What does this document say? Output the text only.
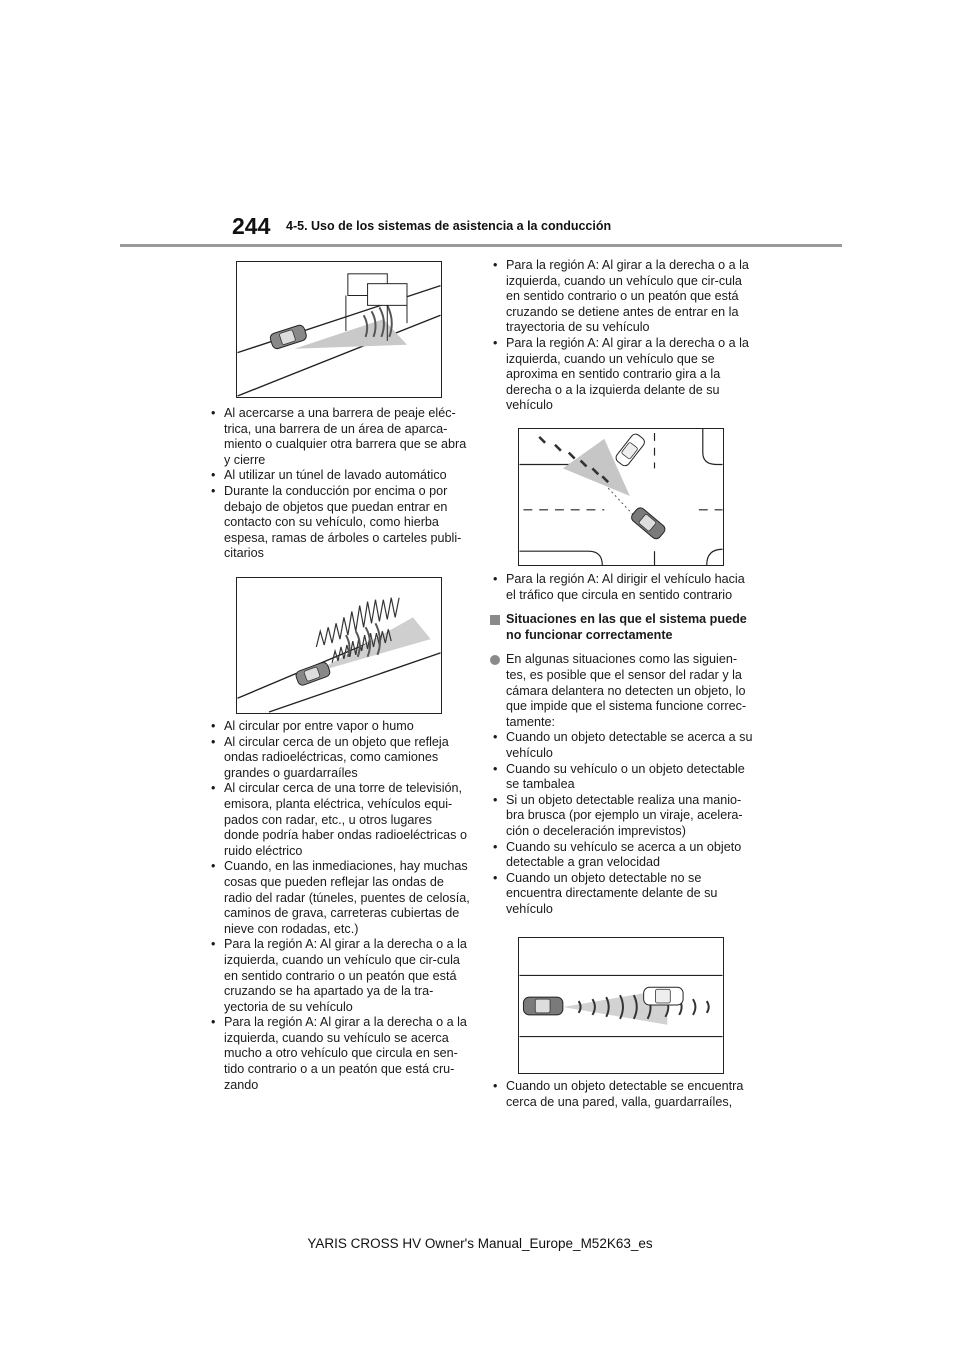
244 4-5. Uso de los sistemas de asistencia a la conducción
• Al acercarse a una barrera de peaje eléc-trica, una barrera de un área de aparca-miento o cualquier otra barrera que se abra y cierre
• Al utilizar un túnel de lavado automático
• Durante la conducción por encima o por debajo de objetos que puedan entrar en contacto con su vehículo, como hierba espesa, ramas de árboles o carteles publi-citarios
• Al circular por entre vapor o humo
• Al circular cerca de un objeto que refleja ondas radioeléctricas, como camiones grandes o guardarraíles
• Al circular cerca de una torre de televisión, emisora, planta eléctrica, vehículos equi-pados con radar, etc., u otros lugares donde podría haber ondas radioeléctricas o ruido eléctrico
• Cuando, en las inmediaciones, hay muchas cosas que pueden reflejar las ondas de radio del radar (túneles, puentes de celosía, caminos de grava, carreteras cubiertas de nieve con rodadas, etc.)
• Para la región A: Al girar a la derecha o a la izquierda, cuando un vehículo que cir-cula en sentido contrario o un peatón que está cruzando se ha apartado ya de la tra-yectoria de su vehículo
• Para la región A: Al girar a la derecha o a la izquierda, cuando su vehículo se acerca mucho a otro vehículo que circula en sen-tido contrario o a un peatón que está cru-zando
• Para la región A: Al girar a la derecha o a la izquierda, cuando un vehículo que cir-cula en sentido contrario o un peatón que está cruzando se detiene antes de entrar en la trayectoria de su vehículo
• Para la región A: Al girar a la derecha o a la izquierda, cuando un vehículo que se aproxima en sentido contrario gira a la derecha o a la izquierda delante de su vehículo
• Para la región A: Al dirigir el vehículo hacia el tráfico que circula en sentido contrario

Situaciones en las que el sistema puede no funcionar correctamente

En algunas situaciones como las siguien-tes, es posible que el sensor del radar y la cámara delantera no detecten un objeto, lo que impide que el sistema funcione correc-tamente:

• Cuando un objeto detectable se acerca a su vehículo
• Cuando su vehículo o un objeto detectable se tambalea
• Si un objeto detectable realiza una manio-bra brusca (por ejemplo un viraje, acelera-ción o deceleración imprevistos)
• Cuando su vehículo se acerca a un objeto detectable a gran velocidad
• Cuando un objeto detectable no se encuentra directamente delante de su vehículo
• Cuando un objeto detectable se encuentra cerca de una pared, valla, guardarraíles,
YARIS CROSS HV Owner's Manual_Europe_M52K63_es
